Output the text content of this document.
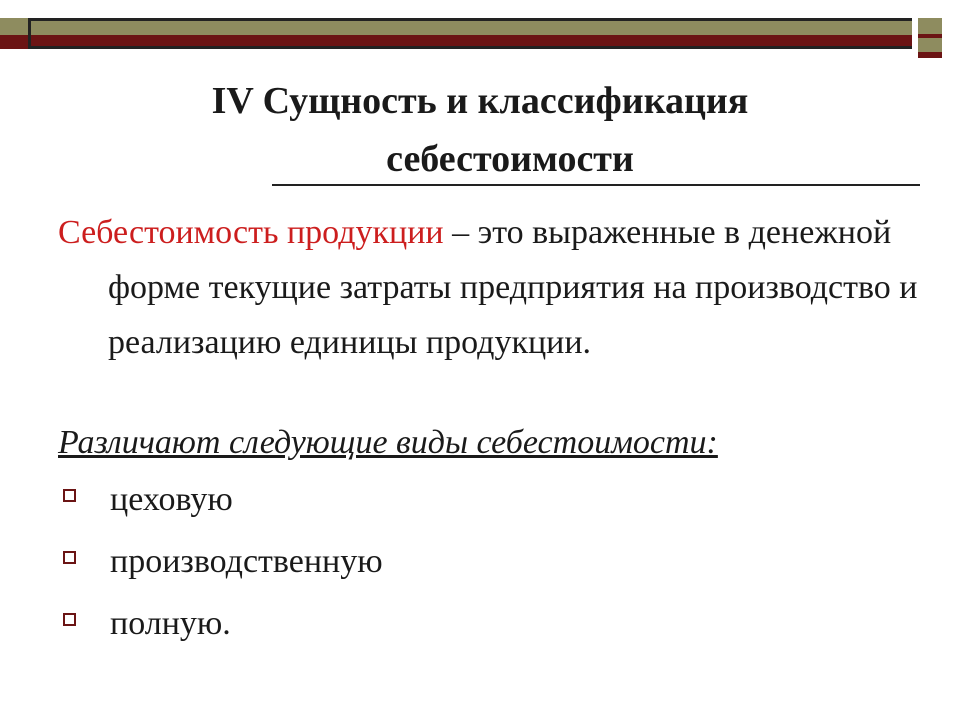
IV Сущность и классификация
себестоимости
Себестоимость продукции – это выраженные в денежной форме текущие затраты предприятия на производство и реализацию единицы продукции.
Различают следующие виды себестоимости:
цеховую
производственную
полную.
